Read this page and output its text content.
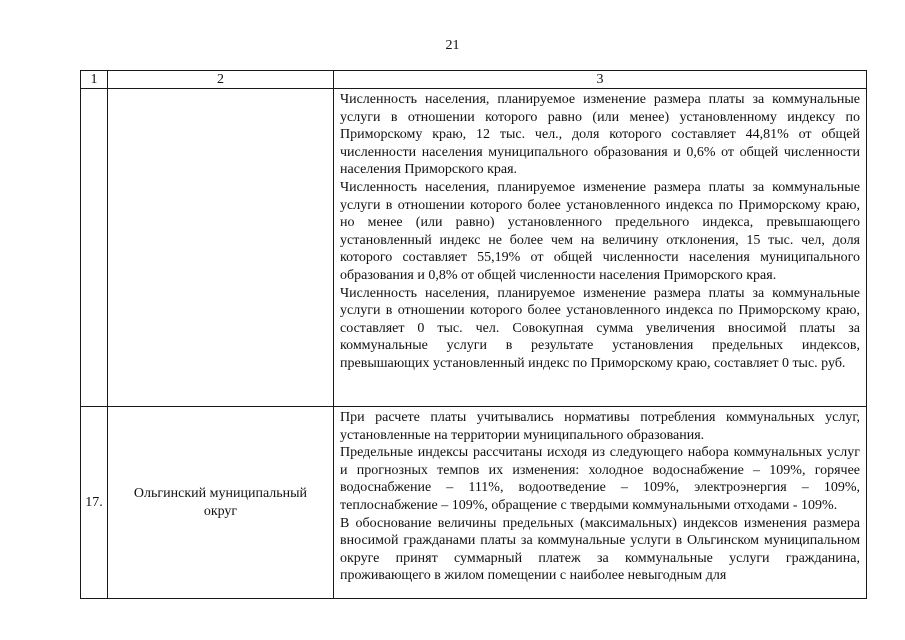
21
1	2	3

		Численность населения, планируемое изменение размера платы за коммунальные услуги в отношении которого равно (или менее) установленному индексу по Приморскому краю, 12 тыс. чел., доля которого составляет 44,81% от общей численности населения муниципального образования и 0,6% от общей численности населения Приморского края.

Численность населения, планируемое изменение размера платы за коммунальные услуги в отношении которого более установленного индекса по Приморскому краю, но менее (или равно) установленного предельного индекса, превышающего установленный индекс не более чем на величину отклонения, 15 тыс. чел, доля которого составляет 55,19% от общей численности населения муниципального образования и 0,8% от общей численности населения Приморского края.

Численность населения, планируемое изменение размера платы за коммунальные услуги в отношении которого более установленного индекса по Приморскому краю, составляет 0 тыс. чел. Совокупная сумма увеличения вносимой платы за коммунальные услуги в результате установления предельных индексов, превышающих установленный индекс по Приморскому краю, составляет 0 тыс. руб.

17.	Ольгинский муниципальный округ	При расчете платы учитывались нормативы потребления коммунальных услуг, установленные на территории муниципального образования.

Предельные индексы рассчитаны исходя из следующего набора коммунальных услуг и прогнозных темпов их изменения: холодное водоснабжение – 109%, горячее водоснабжение – 111%, водоотведение – 109%, электроэнергия – 109%, теплоснабжение – 109%, обращение с твердыми коммунальными отходами - 109%.

В обоснование величины предельных (максимальных) индексов изменения размера вносимой гражданами платы за коммунальные услуги в Ольгинском муниципальном округе принят суммарный платеж за коммунальные услуги гражданина, проживающего в жилом помещении с наиболее невыгодным для
